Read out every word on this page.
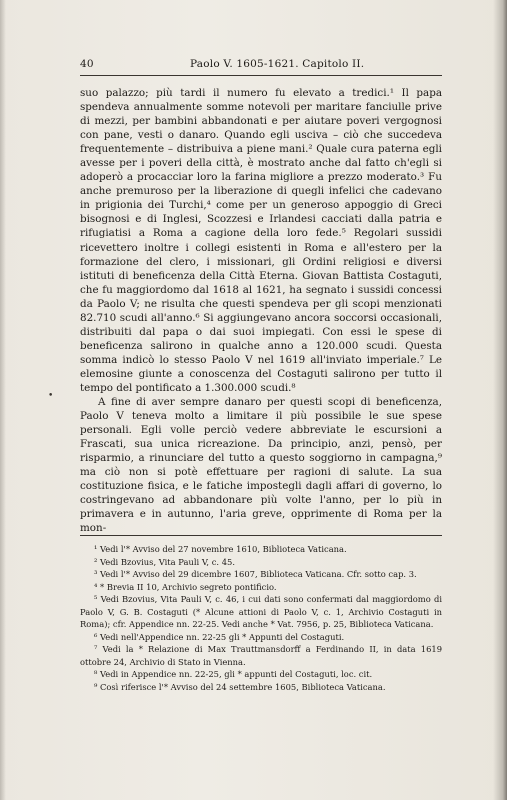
40	Paolo V. 1605-1621. Capitolo II.
•

suo palazzo; più tardi il numero fu elevato a tredici.¹ Il papa spendeva annualmente somme notevoli per maritare fanciulle prive di mezzi, per bambini abbandonati e per aiutare poveri vergognosi con pane, vesti o danaro. Quando egli usciva – ciò che succedeva frequentemente – distribuiva a piene mani.² Quale cura paterna egli avesse per i poveri della città, è mostrato anche dal fatto ch'egli si adoperò a procacciar loro la farina migliore a prezzo moderato.³ Fu anche premuroso per la liberazione di quegli infelici che cadevano in prigionia dei Turchi,⁴ come per un generoso appoggio di Greci bisognosi e di Inglesi, Scozzesi e Irlandesi cacciati dalla patria e rifugiatisi a Roma a cagione della loro fede.⁵ Regolari sussidi ricevettero inoltre i collegi esistenti in Roma e all'estero per la formazione del clero, i missionari, gli Ordini religiosi e diversi istituti di beneficenza della Città Eterna. Giovan Battista Costaguti, che fu maggiordomo dal 1618 al 1621, ha segnato i sussidi concessi da Paolo V; ne risulta che questi spendeva per gli scopi menzionati 82.710 scudi all'anno.⁶ Si aggiungevano ancora soccorsi occasionali, distribuiti dal papa o dai suoi impiegati. Con essi le spese di beneficenza salirono in qualche anno a 120.000 scudi. Questa somma indicò lo stesso Paolo V nel 1619 all'inviato imperiale.⁷ Le elemosine giunte a conoscenza del Costaguti salirono per tutto il tempo del pontificato a 1.300.000 scudi.⁸

A fine di aver sempre danaro per questi scopi di beneficenza, Paolo V teneva molto a limitare il più possibile le sue spese personali. Egli volle perciò vedere abbreviate le escursioni a Frascati, sua unica ricreazione. Da principio, anzi, pensò, per risparmio, a rinunciare del tutto a questo soggiorno in campagna,⁹ ma ciò non si potè effettuare per ragioni di salute. La sua costituzione fisica, e le fatiche impostegli dagli affari di governo, lo costringevano ad abbandonare più volte l'anno, per lo più in primavera e in autunno, l'aria greve, opprimente di Roma per la mon-

¹ Vedi l'* Avviso del 27 novembre 1610, Biblioteca Vaticana.

² Vedi Bzovius, Vita Pauli V, c. 45.

³ Vedi l'* Avviso del 29 dicembre 1607, Biblioteca Vaticana. Cfr. sotto cap. 3.

⁴ * Brevia II 10, Archivio segreto pontificio.

⁵ Vedi Bzovius, Vita Pauli V, c. 46, i cui dati sono confermati dal maggiordomo di Paolo V, G. B. Costaguti (* Alcune attioni di Paolo V, c. 1, Archivio Costaguti in Roma); cfr. Appendice nn. 22-25. Vedi anche * Vat. 7956, p. 25, Biblioteca Vaticana.

⁶ Vedi nell'Appendice nn. 22-25 gli * Appunti del Costaguti.

⁷ Vedi la * Relazione di Max Trauttmansdorff a Ferdinando II, in data 1619 ottobre 24, Archivio di Stato in Vienna.

⁸ Vedi in Appendice nn. 22-25, gli * appunti del Costaguti, loc. cit.

⁹ Così riferisce l'* Avviso del 24 settembre 1605, Biblioteca Vaticana.
